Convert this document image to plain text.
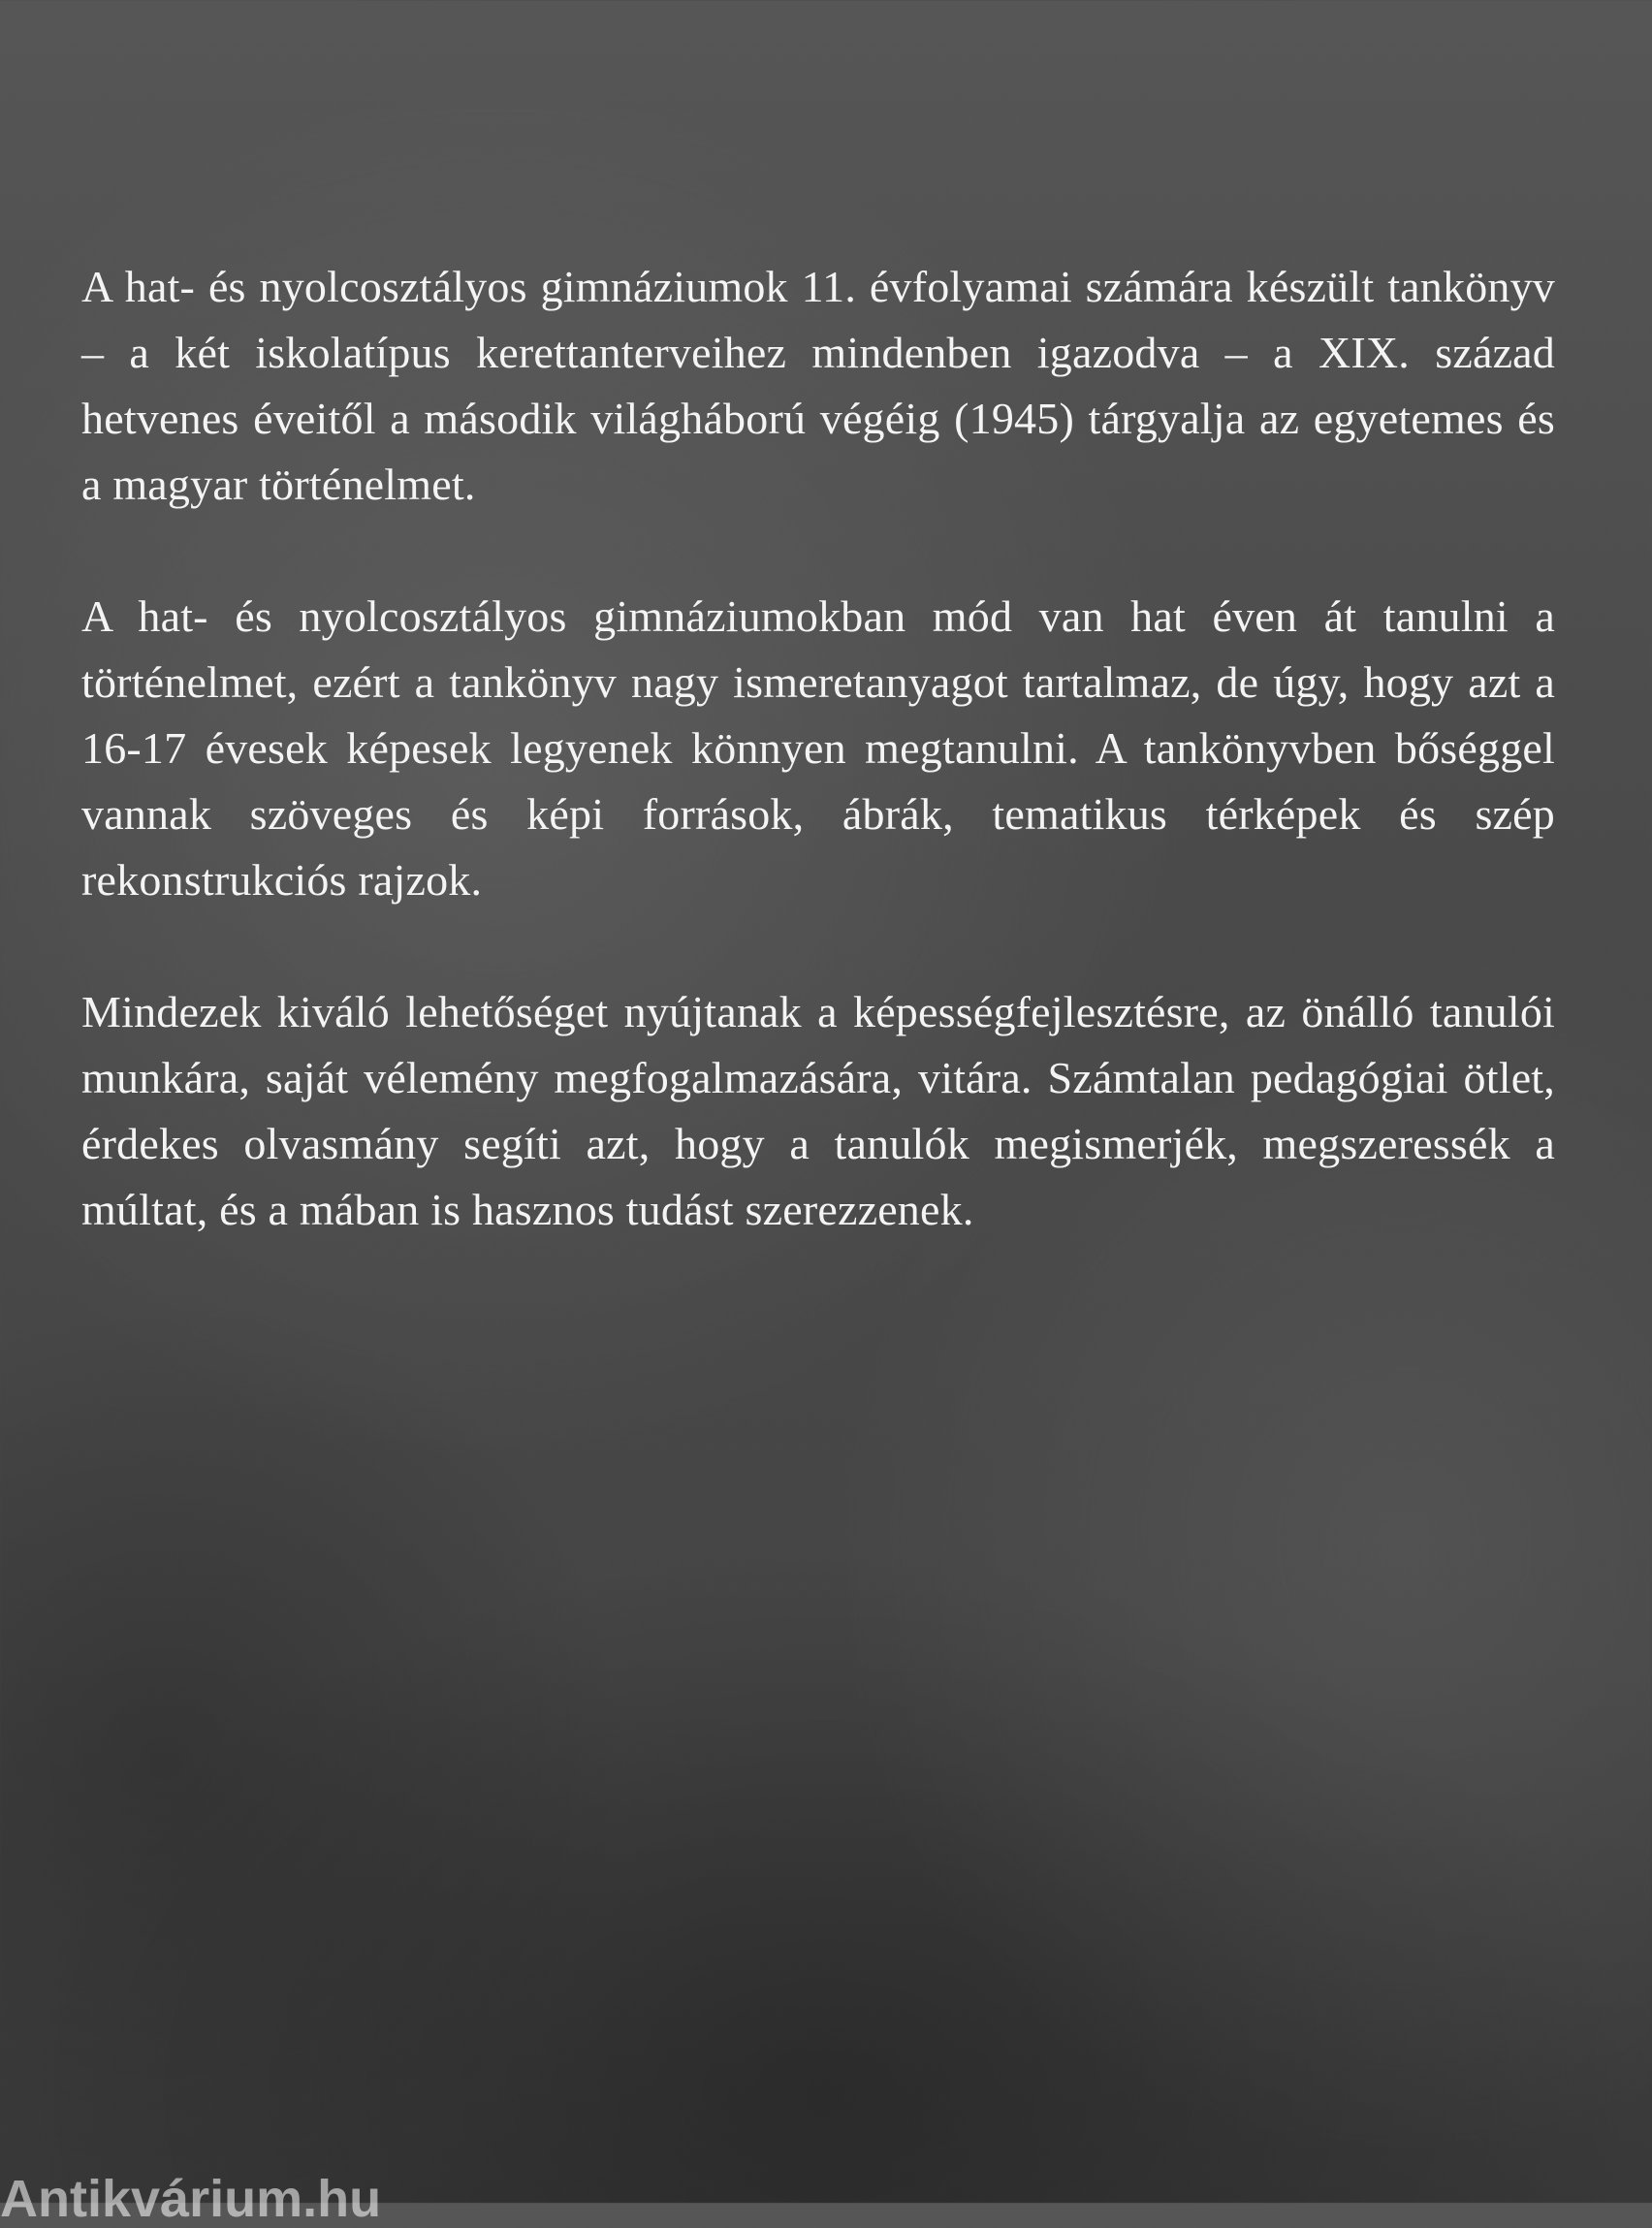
A hat- és nyolcosztályos gimnáziumok 11. évfolyamai számára készült tankönyv – a két iskolatípus kerettanterveihez mindenben igazodva – a XIX. század hetvenes éveitől a második világháború végéig (1945) tárgyalja az egyetemes és a magyar történelmet.

A hat- és nyolcosztályos gimnáziumokban mód van hat éven át tanulni a történelmet, ezért a tankönyv nagy ismeretanyagot tartalmaz, de úgy, hogy azt a 16-17 évesek képesek legyenek könnyen megtanulni. A tankönyvben bőséggel vannak szöveges és képi források, ábrák, tematikus térképek és szép rekonstrukciós rajzok.

Mindezek kiváló lehetőséget nyújtanak a képességfejlesztésre, az önálló tanulói munkára, saját vélemény megfogalmazására, vitára. Számtalan pedagógiai ötlet, érdekes olvasmány segíti azt, hogy a tanulók megismerjék, megszeressék a múltat, és a mában is hasznos tudást szerezzenek.

Antikvárium.hu
